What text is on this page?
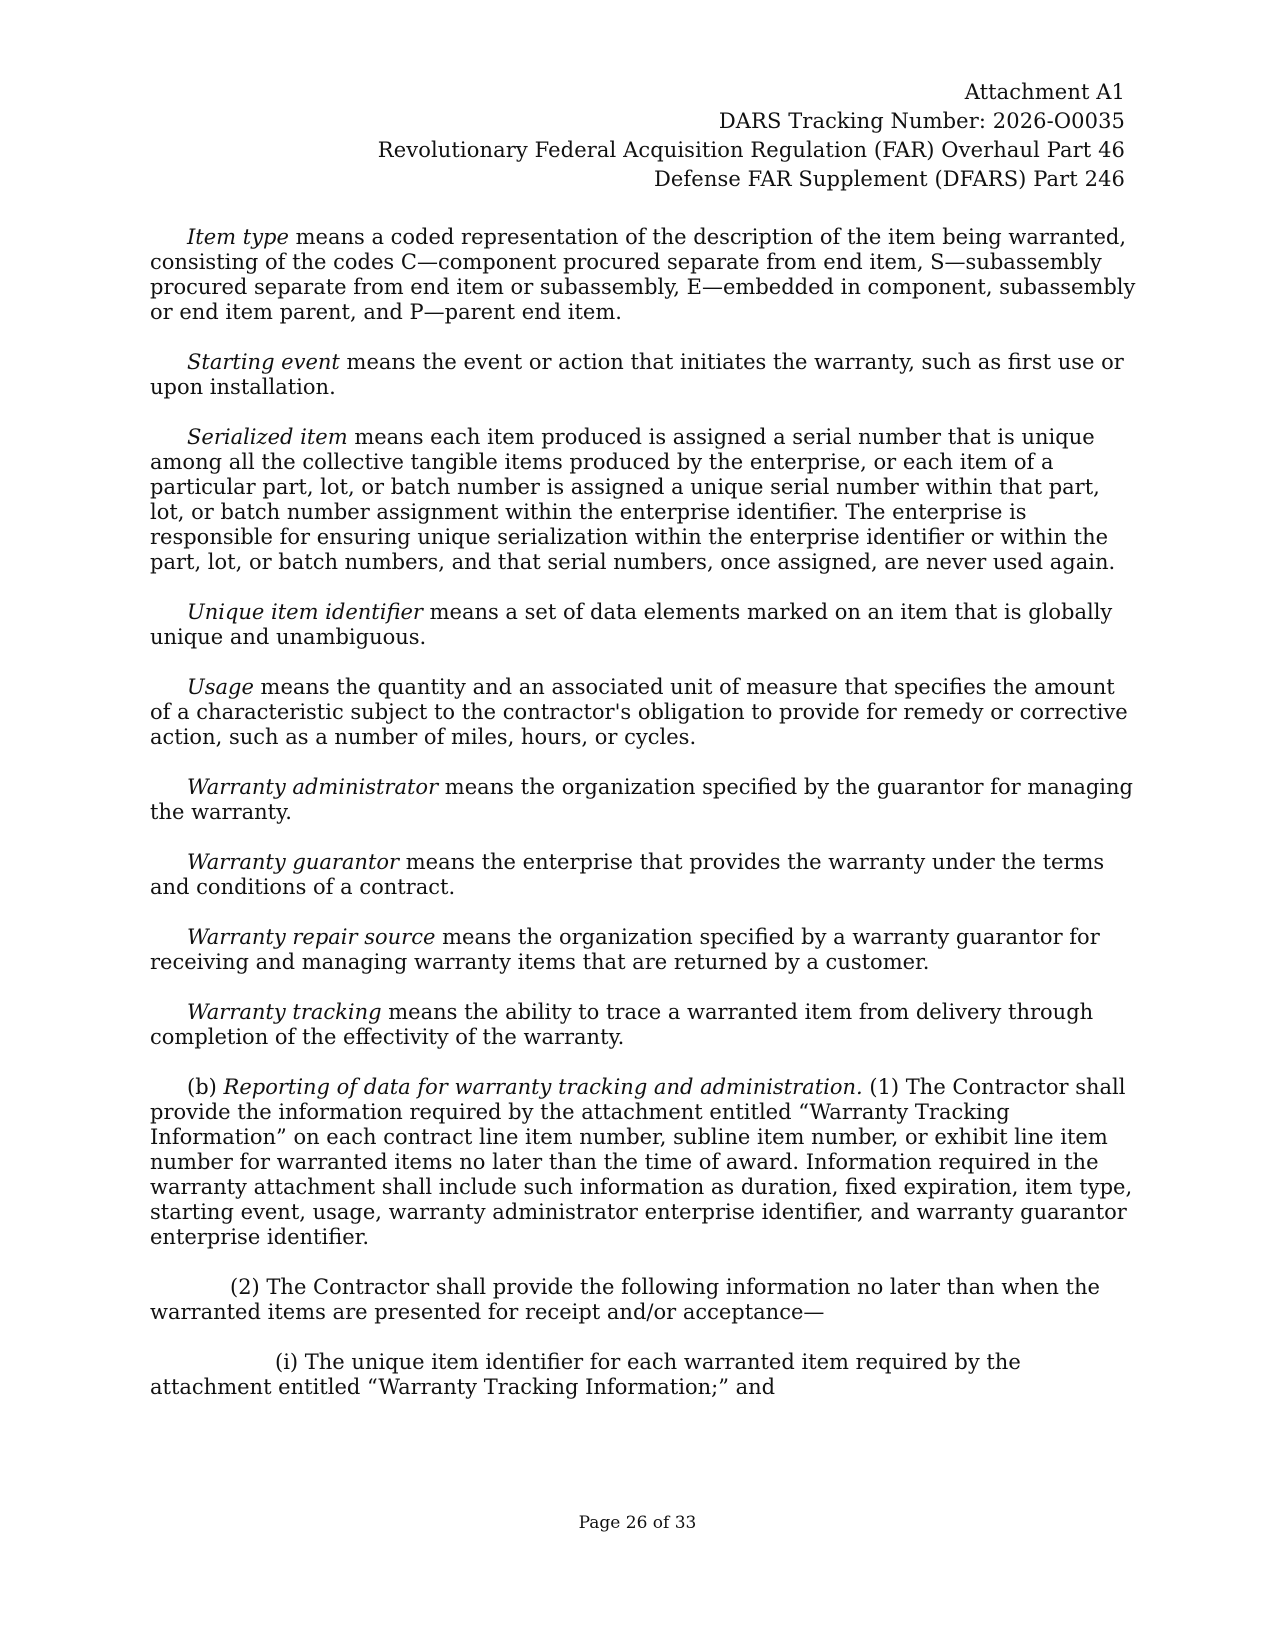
Attachment A1
DARS Tracking Number: 2026-O0035
Revolutionary Federal Acquisition Regulation (FAR) Overhaul Part 46
Defense FAR Supplement (DFARS) Part 246

Item type means a coded representation of the description of the item being warranted, consisting of the codes C—component procured separate from end item, S—subassembly procured separate from end item or subassembly, E—embedded in component, subassembly or end item parent, and P—parent end item.

Starting event means the event or action that initiates the warranty, such as first use or upon installation.

Serialized item means each item produced is assigned a serial number that is unique among all the collective tangible items produced by the enterprise, or each item of a particular part, lot, or batch number is assigned a unique serial number within that part, lot, or batch number assignment within the enterprise identifier. The enterprise is responsible for ensuring unique serialization within the enterprise identifier or within the part, lot, or batch numbers, and that serial numbers, once assigned, are never used again.

Unique item identifier means a set of data elements marked on an item that is globally unique and unambiguous.

Usage means the quantity and an associated unit of measure that specifies the amount of a characteristic subject to the contractor's obligation to provide for remedy or corrective action, such as a number of miles, hours, or cycles.

Warranty administrator means the organization specified by the guarantor for managing the warranty.

Warranty guarantor means the enterprise that provides the warranty under the terms and conditions of a contract.

Warranty repair source means the organization specified by a warranty guarantor for receiving and managing warranty items that are returned by a customer.

Warranty tracking means the ability to trace a warranted item from delivery through completion of the effectivity of the warranty.

(b) Reporting of data for warranty tracking and administration. (1) The Contractor shall provide the information required by the attachment entitled “Warranty Tracking Information” on each contract line item number, subline item number, or exhibit line item number for warranted items no later than the time of award. Information required in the warranty attachment shall include such information as duration, fixed expiration, item type, starting event, usage, warranty administrator enterprise identifier, and warranty guarantor enterprise identifier.

(2) The Contractor shall provide the following information no later than when the warranted items are presented for receipt and/or acceptance—

(i) The unique item identifier for each warranted item required by the attachment entitled “Warranty Tracking Information;” and

Page 26 of 33
